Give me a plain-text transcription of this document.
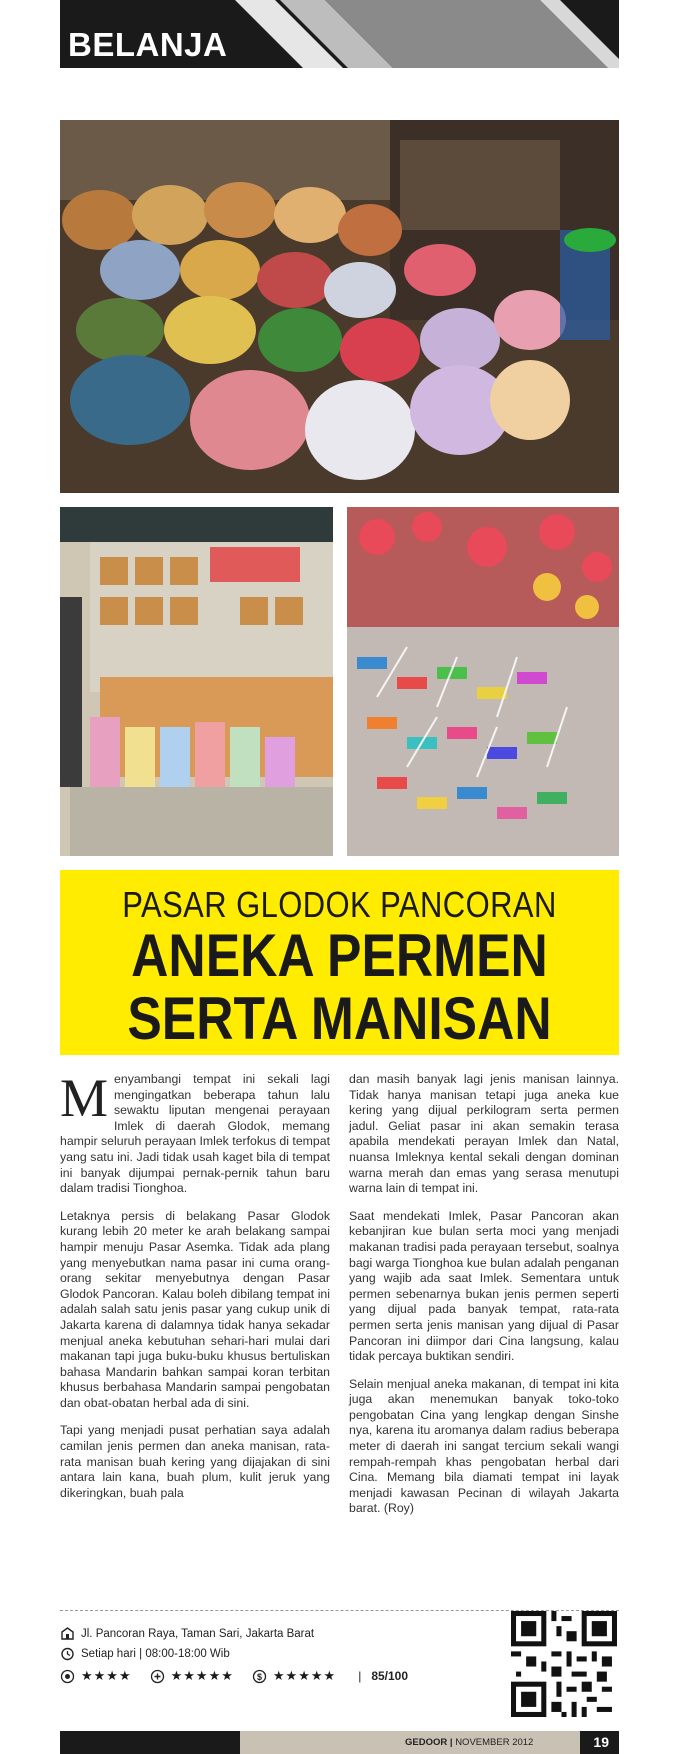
BELANJA
PASAR GLODOK PANCORAN
ANEKA PERMEN
SERTA MANISAN

Menyambangi tempat ini sekali lagi mengingatkan beberapa tahun lalu sewaktu liputan mengenai perayaan Imlek di daerah Glodok, memang hampir seluruh perayaan Imlek terfokus di tempat yang satu ini. Jadi tidak usah kaget bila di tempat ini banyak dijumpai pernak-pernik tahun baru dalam tradisi Tionghoa.

Letaknya persis di belakang Pasar Glodok kurang lebih 20 meter ke arah belakang sampai hampir menuju Pasar Asemka. Tidak ada plang yang menyebutkan nama pasar ini cuma orang-orang sekitar menyebutnya dengan Pasar Glodok Pancoran. Kalau boleh dibilang tempat ini adalah salah satu jenis pasar yang cukup unik di Jakarta karena di dalamnya tidak hanya sekadar menjual aneka kebutuhan sehari-hari mulai dari makanan tapi juga buku-buku khusus bertuliskan bahasa Mandarin bahkan sampai koran terbitan khusus berbahasa Mandarin sampai pengobatan dan obat-obatan herbal ada di sini.

Tapi yang menjadi pusat perhatian saya adalah camilan jenis permen dan aneka manisan, rata-rata manisan buah kering yang dijajakan di sini antara lain kana, buah plum, kulit jeruk yang dikeringkan, buah pala

dan masih banyak lagi jenis manisan lainnya. Tidak hanya manisan tetapi juga aneka kue kering yang dijual perkilogram serta permen jadul. Geliat pasar ini akan semakin terasa apabila mendekati perayan Imlek dan Natal, nuansa Imleknya kental sekali dengan dominan warna merah dan emas yang serasa menutupi warna lain di tempat ini.

Saat mendekati Imlek, Pasar Pancoran akan kebanjiran kue bulan serta moci yang menjadi makanan tradisi pada perayaan tersebut, soalnya bagi warga Tionghoa kue bulan adalah penganan yang wajib ada saat Imlek. Sementara untuk permen sebenarnya bukan jenis permen seperti yang dijual pada banyak tempat, rata-rata permen serta jenis manisan yang dijual di Pasar Pancoran ini diimpor dari Cina langsung, kalau tidak percaya buktikan sendiri.

Selain menjual aneka makanan, di tempat ini kita juga akan menemukan banyak toko-toko pengobatan Cina yang lengkap dengan Sinshe nya, karena itu aromanya dalam radius beberapa meter di daerah ini sangat tercium sekali wangi rempah-rempah khas pengobatan herbal dari Cina. Memang bila diamati tempat ini layak menjadi kawasan Pecinan di wilayah Jakarta barat. (Roy)

Jl. Pancoran Raya, Taman Sari, Jakarta Barat
Setiap hari | 08:00-18:00 Wib
★★★★	★★★★★	$ ★★★★★ | 85/100
GEDOOR | NOVEMBER 2012	19
